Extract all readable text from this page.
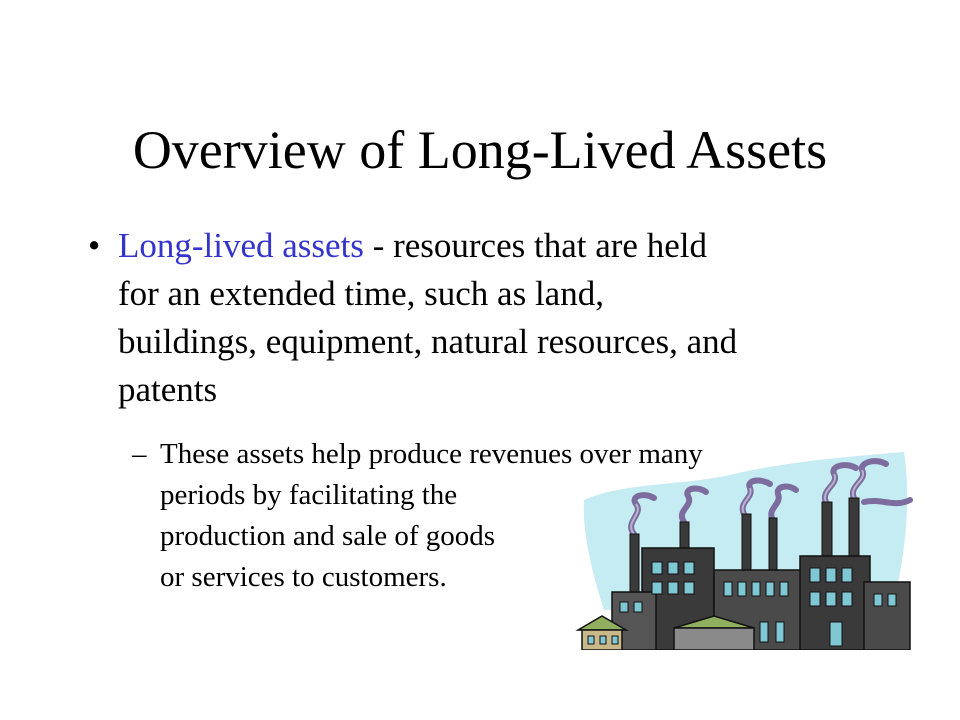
Overview of Long-Lived Assets
• Long-lived assets - resources that are held
for an extended time, such as land,
buildings, equipment, natural resources, and
patents
– These assets help produce revenues over many
periods by facilitating the
production and sale of goods
or services to customers.
